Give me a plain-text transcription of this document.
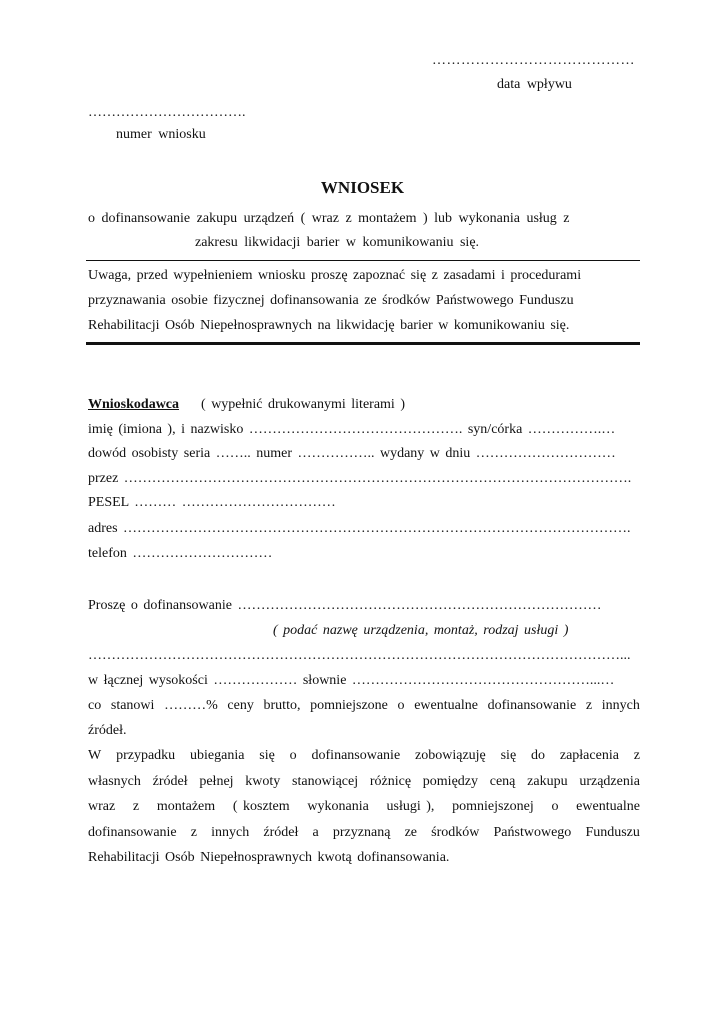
……………………………………
data wpływu
…………………………….
numer wniosku
WNIOSEK
o dofinansowanie zakupu urządzeń ( wraz z montażem ) lub wykonania usług z
zakresu likwidacji barier w komunikowaniu się.

Uwaga, przed wypełnieniem wniosku proszę zapoznać się z zasadami i procedurami

przyznawania osobie fizycznej dofinansowania ze środków Państwowego Funduszu

Rehabilitacji Osób Niepełnosprawnych na likwidację barier w komunikowaniu się.

Wnioskodawca ( wypełnić drukowanymi literami )
imię (imiona ), i nazwisko ………………………………………. syn/córka …………….…
dowód osobisty seria …….. numer …………….. wydany w dniu …………………………
przez ……………………………………………………………………………………………….
PESEL ……… ……………………………
adres ……………………………………………………………………………………………….
telefon …………………………
Proszę o dofinansowanie ……………………………………………………………………
( podać nazwę urządzenia, montaż, rodzaj usługi )
……………………………………………………………………………………………………...
w łącznej wysokości ……………… słownie ……………………………………………...…
co stanowi ………% ceny brutto, pomniejszone o ewentualne dofinansowanie z innych
źródeł.
W przypadku ubiegania się o dofinansowanie zobowiązuję się do zapłacenia z
własnych źródeł pełnej kwoty stanowiącej różnicę pomiędzy ceną zakupu urządzenia
wraz z montażem ( kosztem wykonania usługi ), pomniejszonej o ewentualne
dofinansowanie z innych źródeł a przyznaną ze środków Państwowego Funduszu
Rehabilitacji Osób Niepełnosprawnych kwotą dofinansowania.
